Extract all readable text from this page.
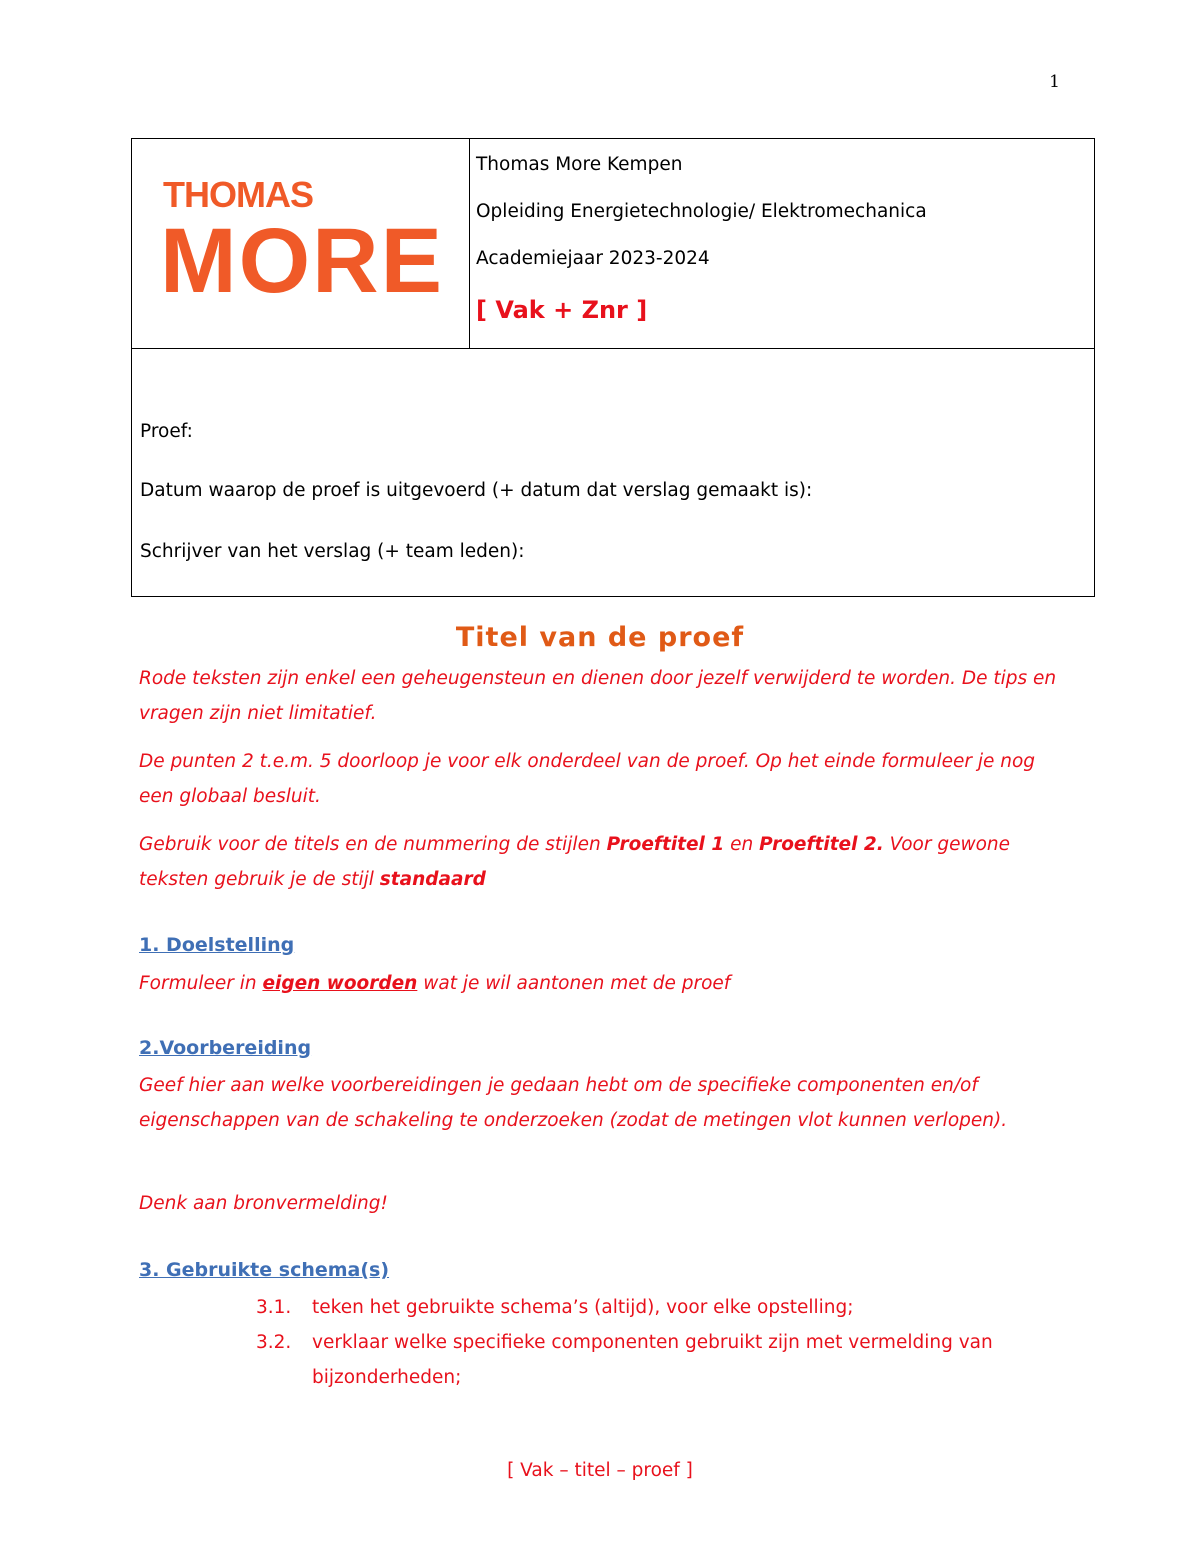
1
THOMAS
MORE
Thomas More Kempen
Opleiding Energietechnologie/ Elektromechanica
Academiejaar 2023-2024
[ Vak + Znr ]
Proef:
Datum waarop de proef is uitgevoerd (+ datum dat verslag gemaakt is):
Schrijver van het verslag (+ team leden):
Titel van de proef

Rode teksten zijn enkel een geheugensteun en dienen door jezelf verwijderd te worden. De tips en vragen zijn niet limitatief.

De punten 2 t.e.m. 5 doorloop je voor elk onderdeel van de proef. Op het einde formuleer je nog een globaal besluit.

Gebruik voor de titels en de nummering de stijlen Proeftitel 1 en Proeftitel 2. Voor gewone teksten gebruik je de stijl standaard

1. Doelstelling

Formuleer in eigen woorden wat je wil aantonen met de proef

2.Voorbereiding

Geef hier aan welke voorbereidingen je gedaan hebt om de specifieke componenten en/of eigenschappen van de schakeling te onderzoeken (zodat de metingen vlot kunnen verlopen).

Denk aan bronvermelding!

3. Gebruikte schema(s)
3.1. teken het gebruikte schema’s (altijd), voor elke opstelling;
3.2. verklaar welke specifieke componenten gebruikt zijn met vermelding van bijzonderheden;
[ Vak – titel – proef ]
